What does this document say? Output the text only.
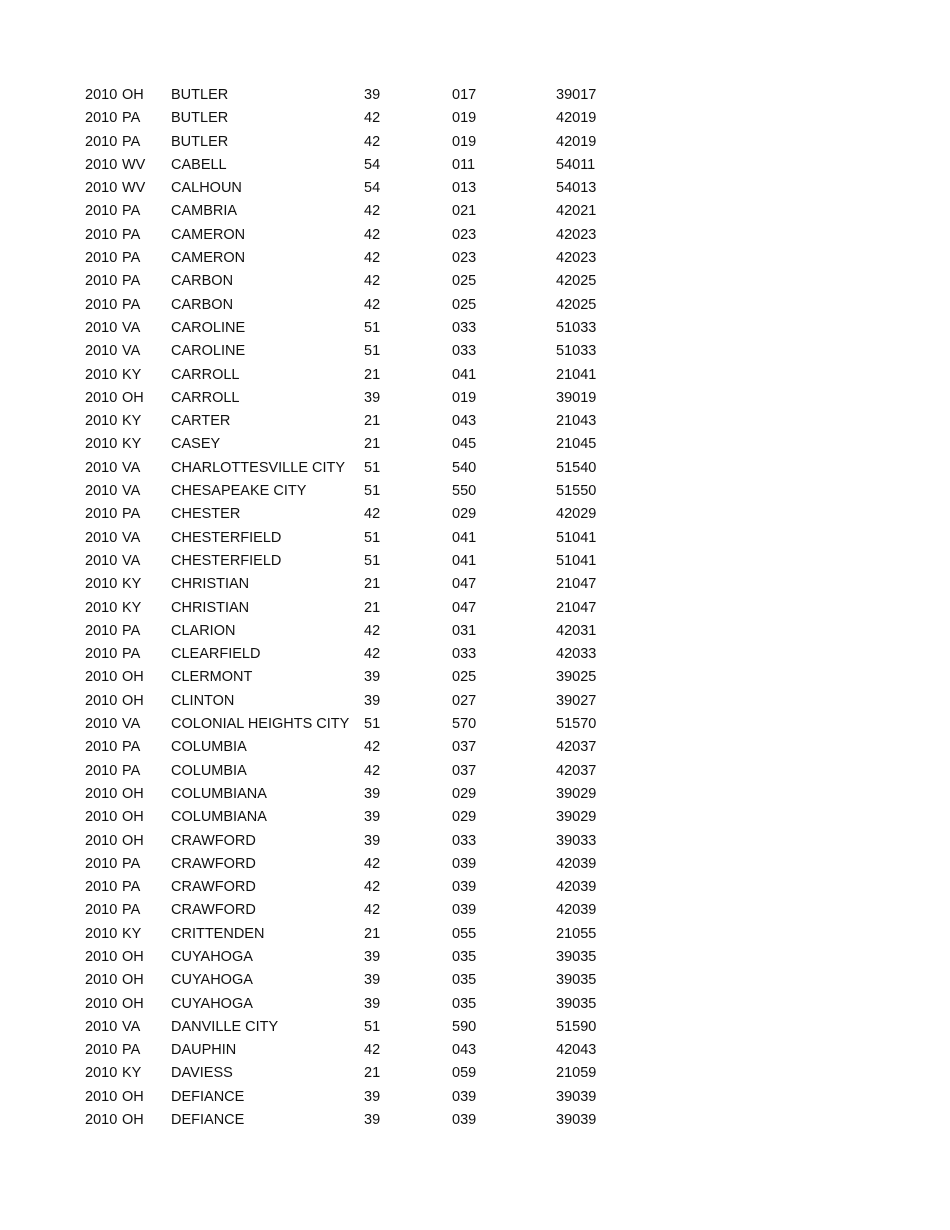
2010 OH BUTLER	39	017	39017
2010 PA BUTLER	42	019	42019
2010 PA BUTLER	42	019	42019
2010 WV CABELL	54	011	54011
2010 WV CALHOUN	54	013	54013
2010 PA CAMBRIA	42	021	42021
2010 PA CAMERON	42	023	42023
2010 PA CAMERON	42	023	42023
2010 PA CARBON	42	025	42025
2010 PA CARBON	42	025	42025
2010 VA CAROLINE	51	033	51033
2010 VA CAROLINE	51	033	51033
2010 KY CARROLL	21	041	21041
2010 OH CARROLL	39	019	39019
2010 KY CARTER	21	043	21043
2010 KY CASEY	21	045	21045
2010 VA CHARLOTTESVILLE CITY 51	540	51540
2010 VA CHESAPEAKE CITY	51	550	51550
2010 PA CHESTER	42	029	42029
2010 VA CHESTERFIELD	51	041	51041
2010 VA CHESTERFIELD	51	041	51041
2010 KY CHRISTIAN	21	047	21047
2010 KY CHRISTIAN	21	047	21047
2010 PA CLARION	42	031	42031
2010 PA CLEARFIELD	42	033	42033
2010 OH CLERMONT	39	025	39025
2010 OH CLINTON	39	027	39027
2010 VA COLONIAL HEIGHTS CITY 51	570	51570
2010 PA COLUMBIA	42	037	42037
2010 PA COLUMBIA	42	037	42037
2010 OH COLUMBIANA	39	029	39029
2010 OH COLUMBIANA	39	029	39029
2010 OH CRAWFORD	39	033	39033
2010 PA CRAWFORD	42	039	42039
2010 PA CRAWFORD	42	039	42039
2010 PA CRAWFORD	42	039	42039
2010 KY CRITTENDEN	21	055	21055
2010 OH CUYAHOGA	39	035	39035
2010 OH CUYAHOGA	39	035	39035
2010 OH CUYAHOGA	39	035	39035
2010 VA DANVILLE CITY	51	590	51590
2010 PA DAUPHIN	42	043	42043
2010 KY DAVIESS	21	059	21059
2010 OH DEFIANCE	39	039	39039
2010 OH DEFIANCE	39	039	39039
